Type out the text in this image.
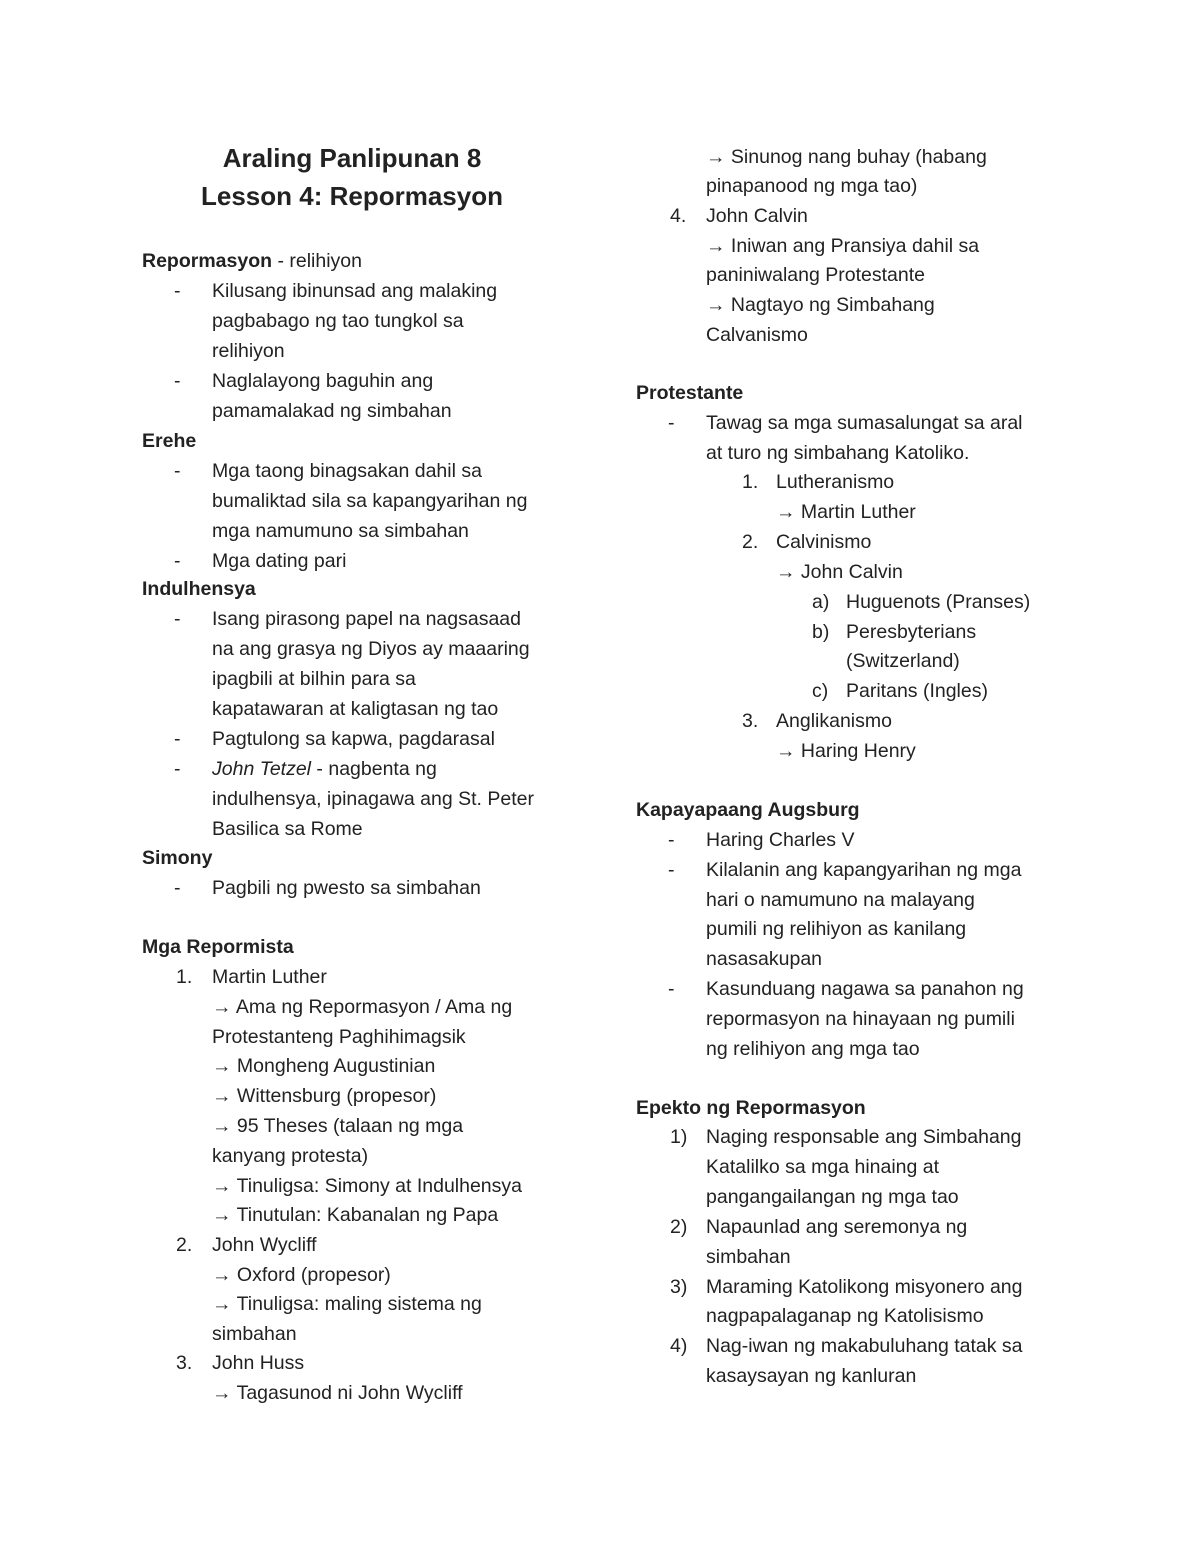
Araling Panlipunan 8

Lesson 4: Repormasyon

Repormasyon - relihiyon
- Kilusang ibinunsad ang malaking
pagbabago ng tao tungkol sa
relihiyon
- Naglalayong baguhin ang
pamamalakad ng simbahan
Erehe
- Mga taong binagsakan dahil sa
bumaliktad sila sa kapangyarihan ng
mga namumuno sa simbahan
- Mga dating pari
Indulhensya
- Isang pirasong papel na nagsasaad
na ang grasya ng Diyos ay maaaring
ipagbili at bilhin para sa
kapatawaran at kaligtasan ng tao
- Pagtulong sa kapwa, pagdarasal
- John Tetzel - nagbenta ng
indulhensya, ipinagawa ang St. Peter
Basilica sa Rome
Simony
- Pagbili ng pwesto sa simbahan
Mga Repormista
1. Martin Luther
→ Ama ng Repormasyon / Ama ng
Protestanteng Paghihimagsik
→ Mongheng Augustinian
→ Wittensburg (propesor)
→ 95 Theses (talaan ng mga
kanyang protesta)
→ Tinuligsa: Simony at Indulhensya
→ Tinutulan: Kabanalan ng Papa
2. John Wycliff
→ Oxford (propesor)
→ Tinuligsa: maling sistema ng
simbahan
3. John Huss
→ Tagasunod ni John Wycliff
→ Sinunog nang buhay (habang
pinapanood ng mga tao)
4. John Calvin
→ Iniwan ang Pransiya dahil sa
paniniwalang Protestante
→ Nagtayo ng Simbahang
Calvanismo
Protestante
- Tawag sa mga sumasalungat sa aral
at turo ng simbahang Katoliko.
1. Lutheranismo
→ Martin Luther
2. Calvinismo
→ John Calvin
a) Huguenots (Pranses)
b) Peresbyterians
(Switzerland)
c) Paritans (Ingles)
3. Anglikanismo
→ Haring Henry
Kapayapaang Augsburg
- Haring Charles V
- Kilalanin ang kapangyarihan ng mga
hari o namumuno na malayang
pumili ng relihiyon as kanilang
nasasakupan
- Kasunduang nagawa sa panahon ng
repormasyon na hinayaan ng pumili
ng relihiyon ang mga tao
Epekto ng Repormasyon
1) Naging responsable ang Simbahang
Katalilko sa mga hinaing at
pangangailangan ng mga tao
2) Napaunlad ang seremonya ng
simbahan
3) Maraming Katolikong misyonero ang
nagpapalaganap ng Katolisismo
4) Nag-iwan ng makabuluhang tatak sa
kasaysayan ng kanluran
